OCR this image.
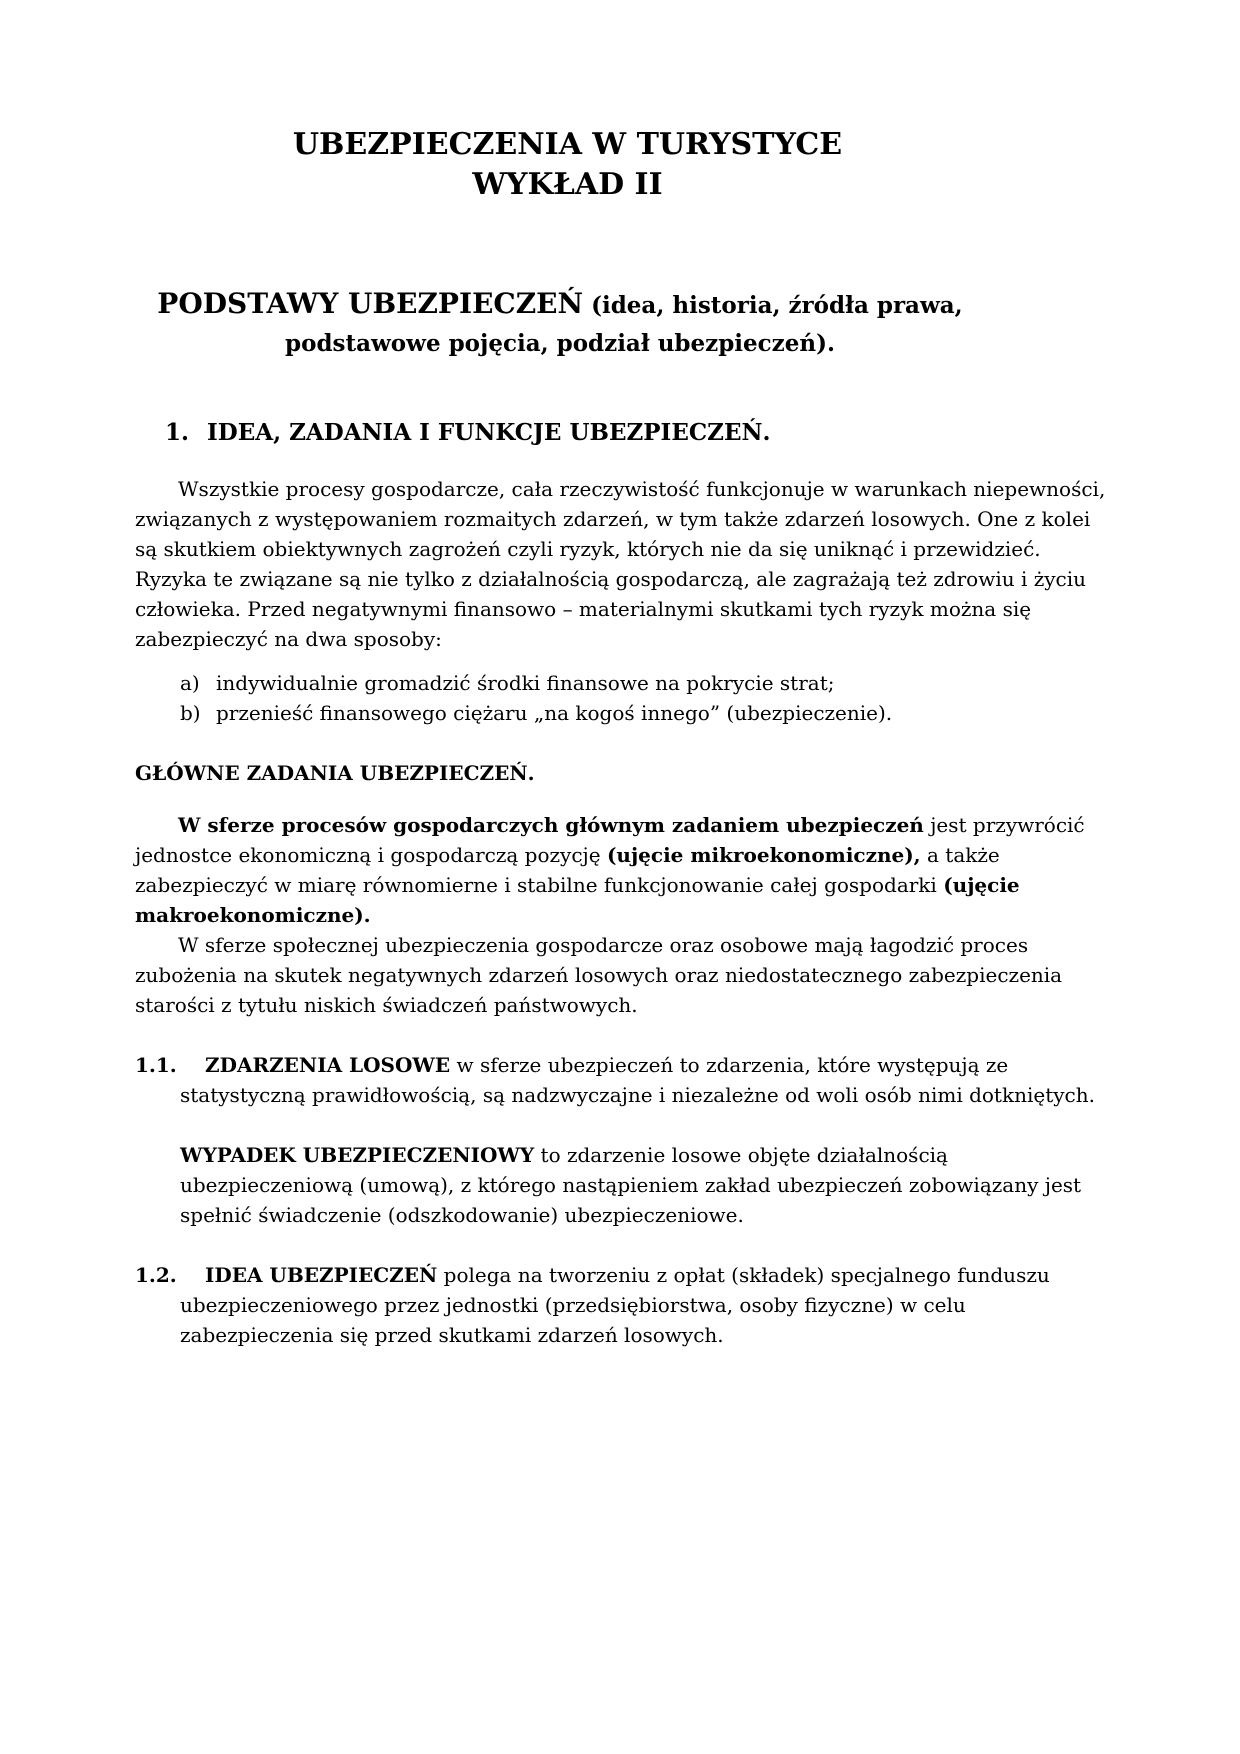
UBEZPIECZENIA W TURYSTYCE
WYKŁAD II
PODSTAWY UBEZPIECZEŃ (idea, historia, źródła prawa,
podstawowe pojęcia, podział ubezpieczeń).
1. IDEA, ZADANIA I FUNKCJE UBEZPIECZEŃ.

Wszystkie procesy gospodarcze, cała rzeczywistość funkcjonuje w warunkach niepewności, związanych z występowaniem rozmaitych zdarzeń, w tym także zdarzeń losowych. One z kolei są skutkiem obiektywnych zagrożeń czyli ryzyk, których nie da się uniknąć i przewidzieć. Ryzyka te związane są nie tylko z działalnością gospodarczą, ale zagrażają też zdrowiu i życiu człowieka. Przed negatywnymi finansowo – materialnymi skutkami tych ryzyk można się zabezpieczyć na dwa sposoby:

a) indywidualnie gromadzić środki finansowe na pokrycie strat;
b) przenieść finansowego ciężaru „na kogoś innego” (ubezpieczenie).

GŁÓWNE ZADANIA UBEZPIECZEŃ.

W sferze procesów gospodarczych głównym zadaniem ubezpieczeń jest przywrócić jednostce ekonomiczną i gospodarczą pozycję (ujęcie mikroekonomiczne), a także zabezpieczyć w miarę równomierne i stabilne funkcjonowanie całej gospodarki (ujęcie makroekonomiczne).

W sferze społecznej ubezpieczenia gospodarcze oraz osobowe mają łagodzić proces zubożenia na skutek negatywnych zdarzeń losowych oraz niedostatecznego zabezpieczenia starości z tytułu niskich świadczeń państwowych.

1.1. ZDARZENIA LOSOWE w sferze ubezpieczeń to zdarzenia, które występują ze statystyczną prawidłowością, są nadzwyczajne i niezależne od woli osób nimi dotkniętych.
WYPADEK UBEZPIECZENIOWY to zdarzenie losowe objęte działalnością ubezpieczeniową (umową), z którego nastąpieniem zakład ubezpieczeń zobowiązany jest spełnić świadczenie (odszkodowanie) ubezpieczeniowe.
1.2. IDEA UBEZPIECZEŃ polega na tworzeniu z opłat (składek) specjalnego funduszu ubezpieczeniowego przez jednostki (przedsiębiorstwa, osoby fizyczne) w celu zabezpieczenia się przed skutkami zdarzeń losowych.
